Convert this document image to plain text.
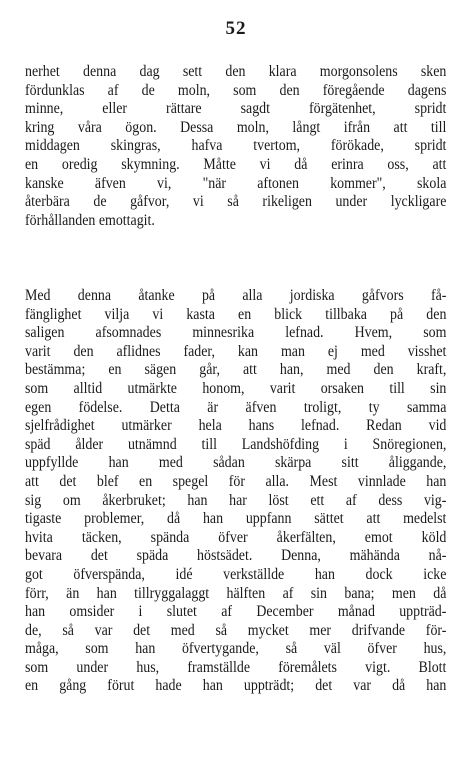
52
nerhet denna dag sett den klara morgonsolens sken
fördunklas af de moln, som den föregående dagens
minne, eller rättare sagdt förgätenhet, spridt
kring våra ögon. Dessa moln, långt ifrån att till
middagen skingras, hafva tvertom, förökade, spridt
en oredig skymning. Måtte vi då erinra oss, att
kanske äfven vi, "när aftonen kommer", skola
återbära de gåfvor, vi så rikeligen under lyckligare
förhållanden emottagit.
Med denna åtanke på alla jordiska gåfvors få-
fänglighet vilja vi kasta en blick tillbaka på den
saligen afsomnades minnesrika lefnad. Hvem, som
varit den aflidnes fader, kan man ej med visshet
bestämma; en sägen går, att han, med den kraft,
som alltid utmärkte honom, varit orsaken till sin
egen födelse. Detta är äfven troligt, ty samma
sjelfrådighet utmärker hela hans lefnad. Redan vid
späd ålder utnämnd till Landshöfding i Snöregionen,
uppfyllde han med sådan skärpa sitt åliggande,
att det blef en spegel för alla. Mest vinnlade han
sig om åkerbruket; han har löst ett af dess vig-
tigaste problemer, då han uppfann sättet att medelst
hvita täcken, spända öfver åkerfälten, emot köld
bevara det späda höstsädet. Denna, mähända nå-
got öfverspända, idé verkställde han dock icke
förr, än han tillryggalaggt hälften af sin bana; men då
han omsider i slutet af December månad uppträd-
de, så var det med så mycket mer drifvande för-
måga, som han öfvertygande, så väl öfver hus,
som under hus, framställde föremålets vigt. Blott
en gång förut hade han uppträdt; det var då han
